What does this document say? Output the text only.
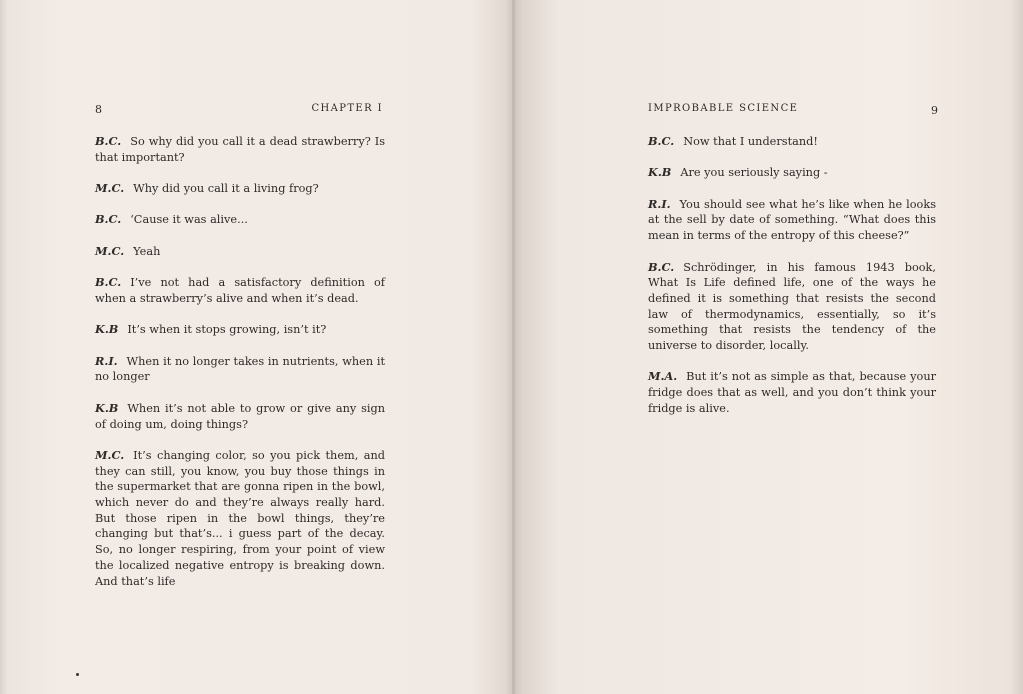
8	CHAPTER I

B.C. So why did you call it a dead strawberry? Is that important?

M.C. Why did you call it a living frog?

B.C. ‘Cause it was alive...

M.C. Yeah

B.C. I’ve not had a satisfactory definition of when a strawberry’s alive and when it’s dead.

K.B It’s when it stops growing, isn’t it?

R.I. When it no longer takes in nutrients, when it no longer

K.B When it’s not able to grow or give any sign of doing um, doing things?

M.C. It’s changing color, so you pick them, and they can still, you know, you buy those things in the supermarket that are gonna ripen in the bowl, which never do and they’re always really hard. But those ripen in the bowl things, they’re changing but that’s... i guess part of the decay. So, no longer respiring, from your point of view the localized negative entropy is breaking down. And that’s life

IMPROBABLE SCIENCE	9

B.C. Now that I understand!

K.B Are you seriously saying -

R.I. You should see what he’s like when he looks at the sell by date of something. “What does this mean in terms of the entropy of this cheese?”

B.C. Schrödinger, in his famous 1943 book, What Is Life defined life, one of the ways he defined it is something that resists the second law of thermodynamics, essentially, so it’s something that resists the tendency of the universe to disorder, locally.

M.A. But it’s not as simple as that, because your fridge does that as well, and you don’t think your fridge is alive.
